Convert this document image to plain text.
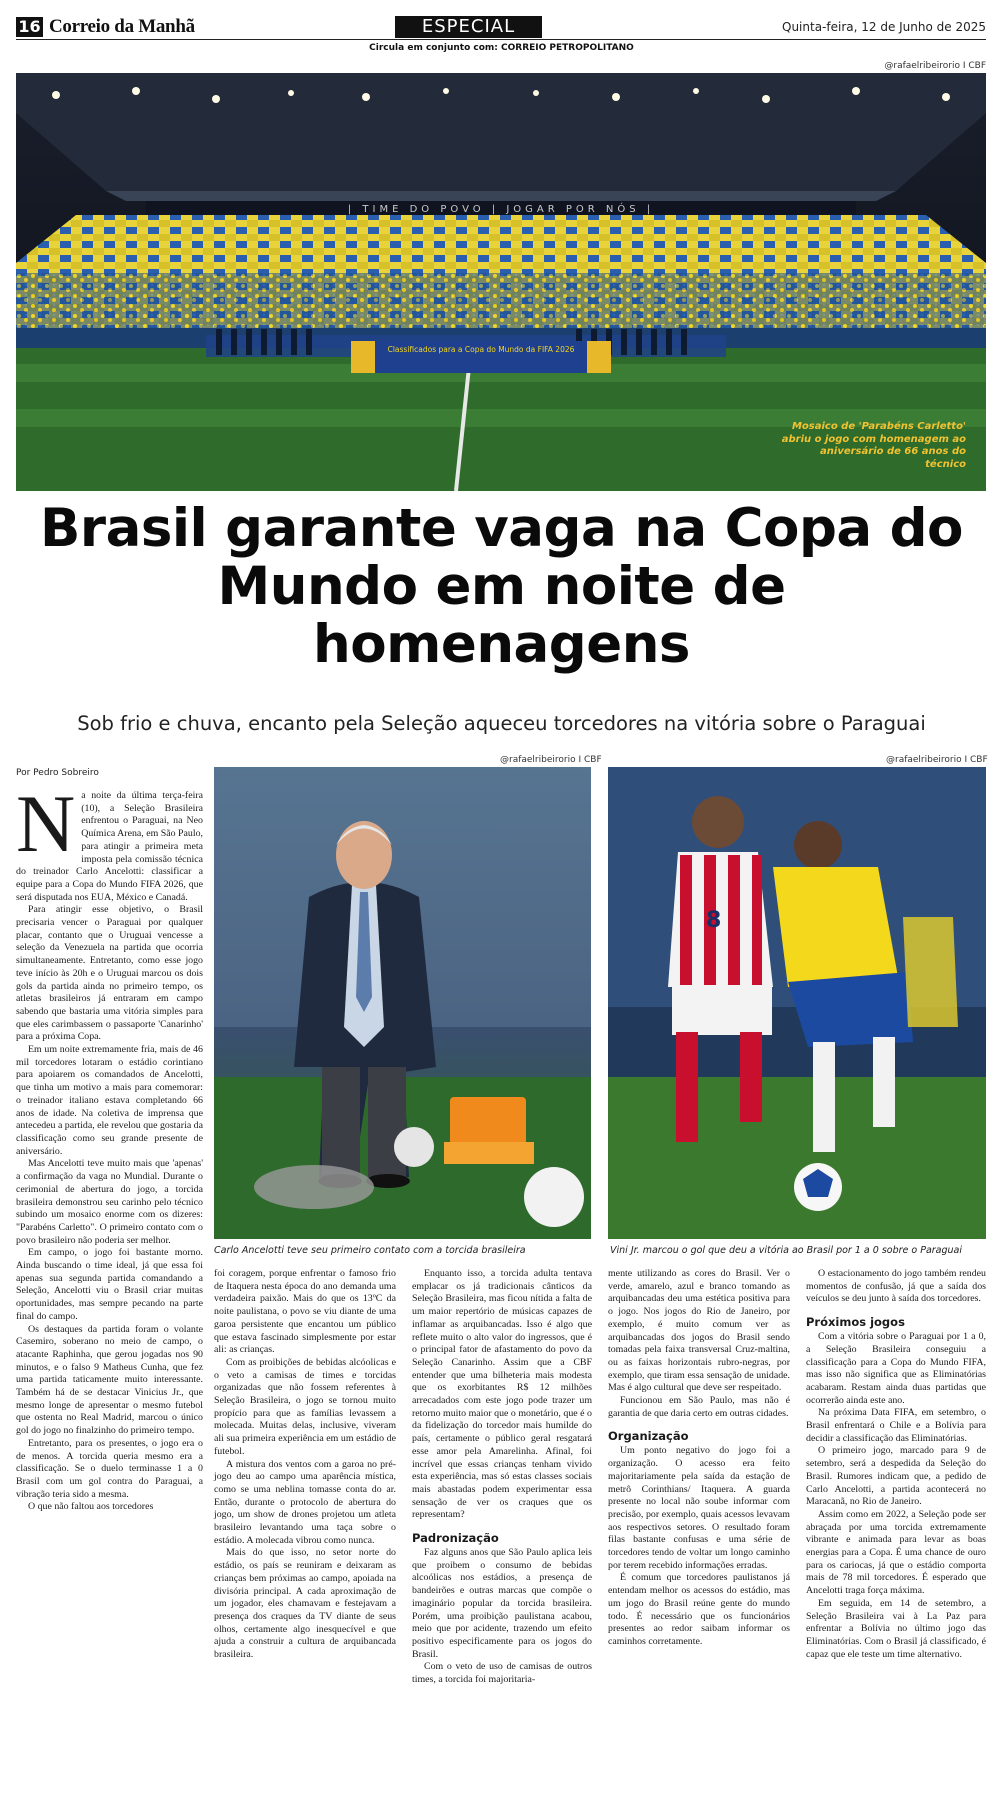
16 Correio da Manhã	ESPECIAL	Quinta-feira, 12 de Junho de 2025
Circula em conjunto com: CORREIO PETROPOLITANO
@rafaelribeirorio I CBF
| TIME DO POVO | JOGAR POR NÓS |
Classificados para a Copa do Mundo da FIFA 2026
Mosaico de 'Parabéns Carletto' abriu o jogo com homenagem ao aniversário de 66 anos do técnico
Brasil garante vaga na Copa do Mundo em noite de homenagens
Sob frio e chuva, encanto pela Seleção aqueceu torcedores na vitória sobre o Paraguai
Por Pedro Sobreiro
@rafaelribeirorio I CBF
Carlo Ancelotti teve seu primeiro contato com a torcida brasileira
@rafaelribeirorio I CBF
8
Vini Jr. marcou o gol que deu a vitória ao Brasil por 1 a 0 sobre o Paraguai
N a noite da última terça-feira (10), a Seleção Brasileira enfrentou o Paraguai, na Neo Química Arena, em São Paulo, para atingir a primeira meta imposta pela comissão técnica do treinador Carlo Ancelotti: classificar a equipe para a Copa do Mundo FIFA 2026, que será disputada nos EUA, México e Canadá.

Para atingir esse objetivo, o Brasil precisaria vencer o Paraguai por qualquer placar, contanto que o Uruguai vencesse a seleção da Venezuela na partida que ocorria simultaneamente. Entretanto, como esse jogo teve início às 20h e o Uruguai marcou os dois gols da partida ainda no primeiro tempo, os atletas brasileiros já entraram em campo sabendo que bastaria uma vitória simples para que eles carimbassem o passaporte 'Canarinho' para a próxima Copa.

Em um noite extremamente fria, mais de 46 mil torcedores lotaram o estádio corintiano para apoiarem os comandados de Ancelotti, que tinha um motivo a mais para comemorar: o treinador italiano estava completando 66 anos de idade. Na coletiva de imprensa que antecedeu a partida, ele revelou que gostaria da classificação como seu grande presente de aniversário.

Mas Ancelotti teve muito mais que 'apenas' a confirmação da vaga no Mundial. Durante o cerimonial de abertura do jogo, a torcida brasileira demonstrou seu carinho pelo técnico subindo um mosaico enorme com os dizeres: "Parabéns Carletto". O primeiro contato com o povo brasileiro não poderia ser melhor.

Em campo, o jogo foi bastante morno. Ainda buscando o time ideal, já que essa foi apenas sua segunda partida comandando a Seleção, Ancelotti viu o Brasil criar muitas oportunidades, mas sempre pecando na parte final do campo.

Os destaques da partida foram o volante Casemiro, soberano no meio de campo, o atacante Raphinha, que gerou jogadas nos 90 minutos, e o falso 9 Matheus Cunha, que fez uma partida taticamente muito interessante. Também há de se destacar Vinicius Jr., que mesmo longe de apresentar o mesmo futebol que ostenta no Real Madrid, marcou o único gol do jogo no finalzinho do primeiro tempo.

Entretanto, para os presentes, o jogo era o de menos. A torcida queria mesmo era a classificação. Se o duelo terminasse 1 a 0 Brasil com um gol contra do Paraguai, a vibração teria sido a mesma.

O que não faltou aos torcedores

foi coragem, porque enfrentar o famoso frio de Itaquera nesta época do ano demanda uma verdadeira paixão. Mais do que os 13ºC da noite paulistana, o povo se viu diante de uma garoa persistente que encantou um público que estava fascinado simplesmente por estar ali: as crianças.

Com as proibições de bebidas alcóolicas e o veto a camisas de times e torcidas organizadas que não fossem referentes à Seleção Brasileira, o jogo se tornou muito propício para que as famílias levassem a molecada. Muitas delas, inclusive, viveram ali sua primeira experiência em um estádio de futebol.

A mistura dos ventos com a garoa no pré-jogo deu ao campo uma aparência mística, como se uma neblina tomasse conta do ar. Então, durante o protocolo de abertura do jogo, um show de drones projetou um atleta brasileiro levantando uma taça sobre o estádio. A molecada vibrou como nunca.

Mais do que isso, no setor norte do estádio, os país se reuniram e deixaram as crianças bem próximas ao campo, apoiada na divisória principal. A cada aproximação de um jogador, eles chamavam e festejavam a presença dos craques da TV diante de seus olhos, certamente algo inesquecível e que ajuda a construir a cultura de arquibancada brasileira.

Enquanto isso, a torcida adulta tentava emplacar os já tradicionais cânticos da Seleção Brasileira, mas ficou nítida a falta de um maior repertório de músicas capazes de inflamar as arquibancadas. Isso é algo que reflete muito o alto valor do ingressos, que é o principal fator de afastamento do povo da Seleção Canarinho. Assim que a CBF entender que uma bilheteria mais modesta que os exorbitantes R$ 12 milhões arrecadados com este jogo pode trazer um retorno muito maior que o monetário, que é o da fidelização do torcedor mais humilde do país, certamente o público geral resgatará esse amor pela Amarelinha. Afinal, foi incrível que essas crianças tenham vivido esta experiência, mas só estas classes sociais mais abastadas podem experimentar essa sensação de ver os craques que os representam?

Padronização

Faz alguns anos que São Paulo aplica leis que proibem o consumo de bebidas alcoólicas nos estádios, a presença de bandeirões e outras marcas que compõe o imaginário popular da torcida brasileira. Porém, uma proibição paulistana acabou, meio que por acidente, trazendo um efeito positivo especificamente para os jogos do Brasil.

Com o veto de uso de camisas de outros times, a torcida foi majoritaria-

mente utilizando as cores do Brasil. Ver o verde, amarelo, azul e branco tomando as arquibancadas deu uma estética positiva para o jogo. Nos jogos do Rio de Janeiro, por exemplo, é muito comum ver as arquibancadas dos jogos do Brasil sendo tomadas pela faixa transversal Cruz-maltina, ou as faixas horizontais rubro-negras, por exemplo, que tiram essa sensação de unidade. Mas é algo cultural que deve ser respeitado.

Funcionou em São Paulo, mas não é garantia de que daria certo em outras cidades.

Organização

Um ponto negativo do jogo foi a organização. O acesso era feito majoritariamente pela saída da estação de metrô Corinthians/ Itaquera. A guarda presente no local não soube informar com precisão, por exemplo, quais acessos levavam aos respectivos setores. O resultado foram filas bastante confusas e uma série de torcedores tendo de voltar um longo caminho por terem recebido informações erradas.

É comum que torcedores paulistanos já entendam melhor os acessos do estádio, mas um jogo do Brasil reúne gente do mundo todo. É necessário que os funcionários presentes ao redor saibam informar os caminhos corretamente.

O estacionamento do jogo também rendeu momentos de confusão, já que a saída dos veículos se deu junto à saída dos torcedores.

Próximos jogos

Com a vitória sobre o Paraguai por 1 a 0, a Seleção Brasileira conseguiu a classificação para a Copa do Mundo FIFA, mas isso não significa que as Eliminatórias acabaram. Restam ainda duas partidas que ocorrerão ainda este ano.

Na próxima Data FIFA, em setembro, o Brasil enfrentará o Chile e a Bolívia para decidir a classificação das Eliminatórias.

O primeiro jogo, marcado para 9 de setembro, será a despedida da Seleção do Brasil. Rumores indicam que, a pedido de Carlo Ancelotti, a partida acontecerá no Maracanã, no Rio de Janeiro.

Assim como em 2022, a Seleção pode ser abraçada por uma torcida extremamente vibrante e animada para levar as boas energias para a Copa. É uma chance de ouro para os cariocas, já que o estádio comporta mais de 78 mil torcedores. É esperado que Ancelotti traga força máxima.

Em seguida, em 14 de setembro, a Seleção Brasileira vai à La Paz para enfrentar a Bolívia no último jogo das Eliminatórias. Com o Brasil já classificado, é capaz que ele teste um time alternativo.
